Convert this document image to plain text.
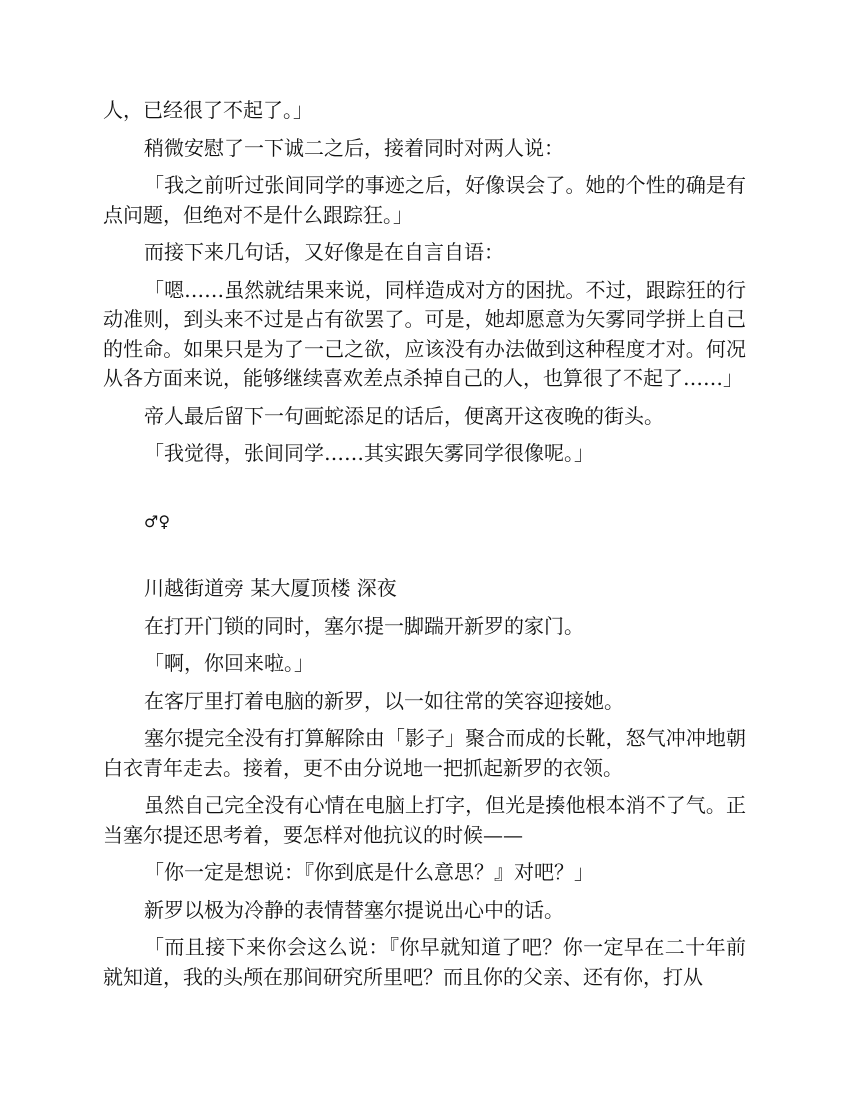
人，已经很了不起了。」

稍微安慰了一下诚二之后，接着同时对两人说：

「我之前听过张间同学的事迹之后，好像误会了。她的个性的确是有点问题，但绝对不是什么跟踪狂。」

而接下来几句话，又好像是在自言自语：

「嗯……虽然就结果来说，同样造成对方的困扰。不过，跟踪狂的行动准则，到头来不过是占有欲罢了。可是，她却愿意为矢雾同学拼上自己的性命。如果只是为了一己之欲，应该没有办法做到这种程度才对。何况从各方面来说，能够继续喜欢差点杀掉自己的人，也算很了不起了……」

帝人最后留下一句画蛇添足的话后，便离开这夜晚的街头。

「我觉得，张间同学……其实跟矢雾同学很像呢。」

♂♀

川越街道旁 某大厦顶楼 深夜

在打开门锁的同时，塞尔提一脚踹开新罗的家门。

「啊，你回来啦。」

在客厅里打着电脑的新罗，以一如往常的笑容迎接她。

塞尔提完全没有打算解除由「影子」聚合而成的长靴，怒气冲冲地朝白衣青年走去。接着，更不由分说地一把抓起新罗的衣领。

虽然自己完全没有心情在电脑上打字，但光是揍他根本消不了气。正当塞尔提还思考着，要怎样对他抗议的时候——

「你一定是想说：『你到底是什么意思？』对吧？」

新罗以极为冷静的表情替塞尔提说出心中的话。

「而且接下来你会这么说：『你早就知道了吧？你一定早在二十年前就知道，我的头颅在那间研究所里吧？而且你的父亲、还有你，打从
